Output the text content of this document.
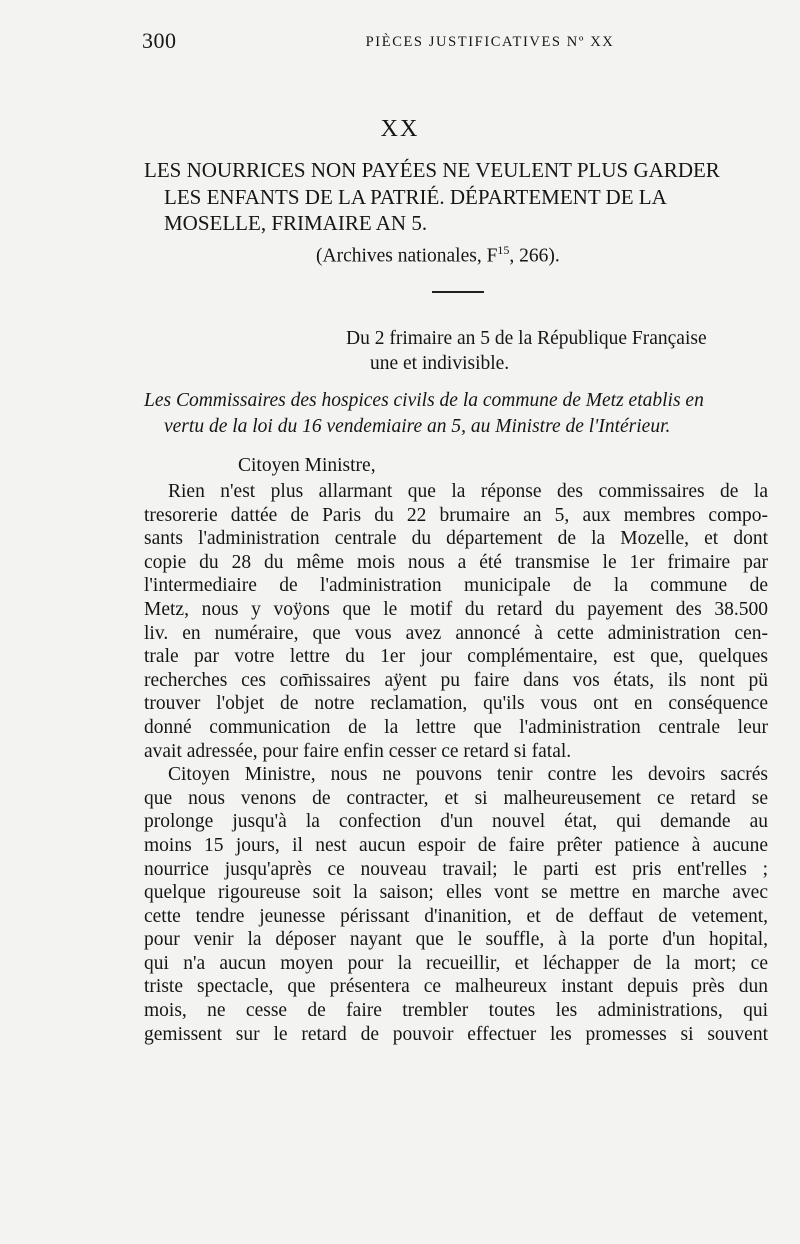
300	PIÈCES JUSTIFICATIVES Nº XX
XX
LES NOURRICES NON PAYÉES NE VEULENT PLUS GARDER
LES ENFANTS DE LA PATRIÉ. DÉPARTEMENT DE LA
MOSELLE, FRIMAIRE AN 5.
(Archives nationales, $F^{15}$, 266).
Du 2 frimaire an 5 de la République Française
une et indivisible.
Les Commissaires des hospices civils de la commune de Metz etablis en
vertu de la loi du 16 vendemiaire an 5, au Ministre de l'Intérieur.
Citoyen Ministre,
Rien n'est plus allarmant que la réponse des commissaires de la
tresorerie dattée de Paris du 22 brumaire an 5, aux membres compo-
sants l'administration centrale du département de la Mozelle, et dont
copie du 28 du même mois nous a été transmise le 1er frimaire par
l'intermediaire de l'administration municipale de la commune de
Metz, nous y voÿons que le motif du retard du payement des 38.500
liv. en numéraire, que vous avez annoncé à cette administration cen-
trale par votre lettre du 1er jour complémentaire, est que, quelques
recherches ces com̄issaires aÿent pu faire dans vos états, ils nont pü
trouver l'objet de notre reclamation, qu'ils vous ont en conséquence
donné communication de la lettre que l'administration centrale leur
avait adressée, pour faire enfin cesser ce retard si fatal.
Citoyen Ministre, nous ne pouvons tenir contre les devoirs sacrés
que nous venons de contracter, et si malheureusement ce retard se
prolonge jusqu'à la confection d'un nouvel état, qui demande au
moins 15 jours, il nest aucun espoir de faire prêter patience à aucune
nourrice jusqu'après ce nouveau travail; le parti est pris ent'relles ;
quelque rigoureuse soit la saison; elles vont se mettre en marche avec
cette tendre jeunesse périssant d'inanition, et de deffaut de vetement,
pour venir la déposer nayant que le souffle, à la porte d'un hopital,
qui n'a aucun moyen pour la recueillir, et léchapper de la mort; ce
triste spectacle, que présentera ce malheureux instant depuis près dun
mois, ne cesse de faire trembler toutes les administrations, qui
gemissent sur le retard de pouvoir effectuer les promesses si souvent
